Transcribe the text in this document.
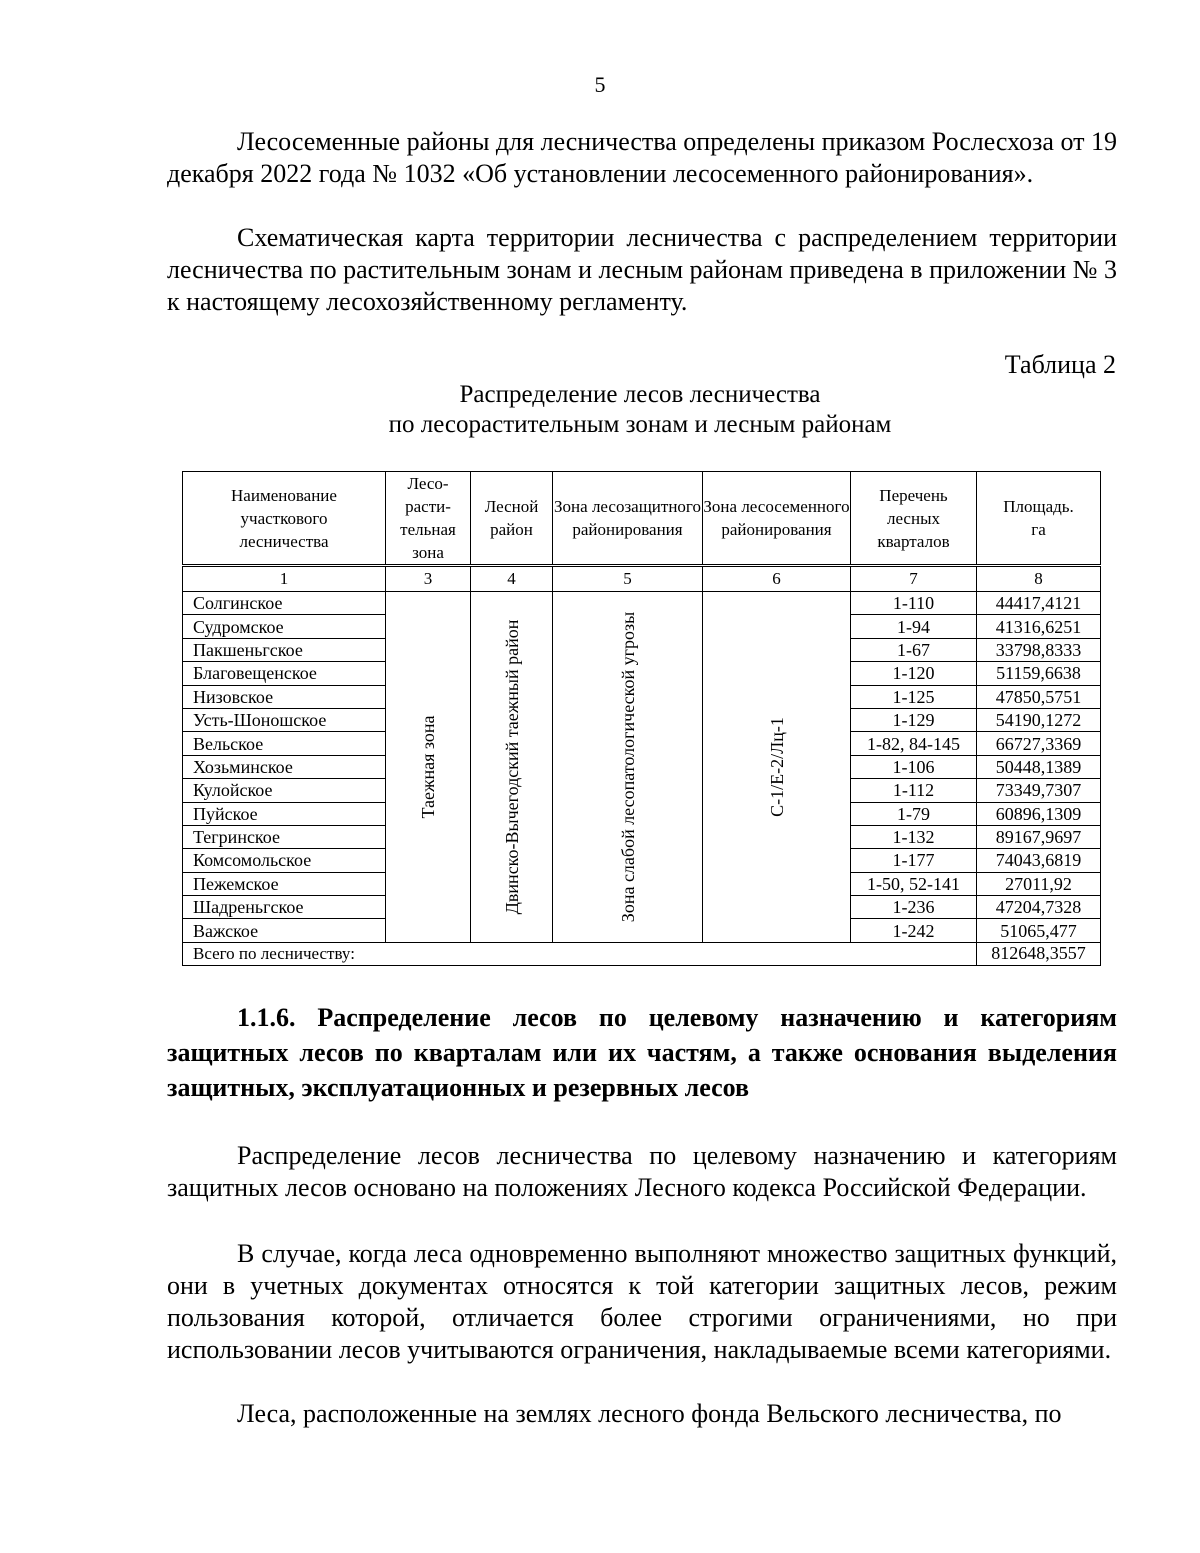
5

Лесосеменные районы для лесничества определены приказом Рослесхоза от 19 декабря 2022 года № 1032 «Об установлении лесосеменного районирования».

Схематическая карта территории лесничества с распределением территории лесничества по растительным зонам и лесным районам приведена в приложении № 3 к настоящему лесохозяйственному регламенту.

Таблица 2
Распределение лесов лесничества
по лесорастительным зонам и лесным районам
Наименование участкового лесничества	Лесо-расти-тельная зона	Лесной район	Зона лесозащитного районирования	Зона лесосеменного районирования	Перечень лесных кварталов	Площадь. га
1	3	4	5	6	7	8
Солгинское	Таежная зона	Двинско-Вычегодский таежный район	Зона слабой лесопатологической угрозы	С-1/Е-2/Лц-1	1-110	44417,4121
Судромское					1-94	41316,6251
Пакшеньгское					1-67	33798,8333
Благовещенское					1-120	51159,6638
Низовское					1-125	47850,5751
Усть-Шоношское					1-129	54190,1272
Вельское					1-82, 84-145	66727,3369
Хозьминское					1-106	50448,1389
Кулойское					1-112	73349,7307
Пуйское					1-79	60896,1309
Тегринское					1-132	89167,9697
Комсомольское					1-177	74043,6819
Пежемское					1-50, 52-141	27011,92
Шадреньгское					1-236	47204,7328
Важское					1-242	51065,477
Всего по лесничеству:						812648,3557
1.1.6. Распределение лесов по целевому назначению и категориям защитных лесов по кварталам или их частям, а также основания выделения защитных, эксплуатационных и резервных лесов

Распределение лесов лесничества по целевому назначению и категориям защитных лесов основано на положениях Лесного кодекса Российской Федерации.

В случае, когда леса одновременно выполняют множество защитных функций, они в учетных документах относятся к той категории защитных лесов, режим пользования которой, отличается более строгими ограничениями, но при использовании лесов учитываются ограничения, накладываемые всеми категориями.

Леса, расположенные на землях лесного фонда Вельского лесничества, по
